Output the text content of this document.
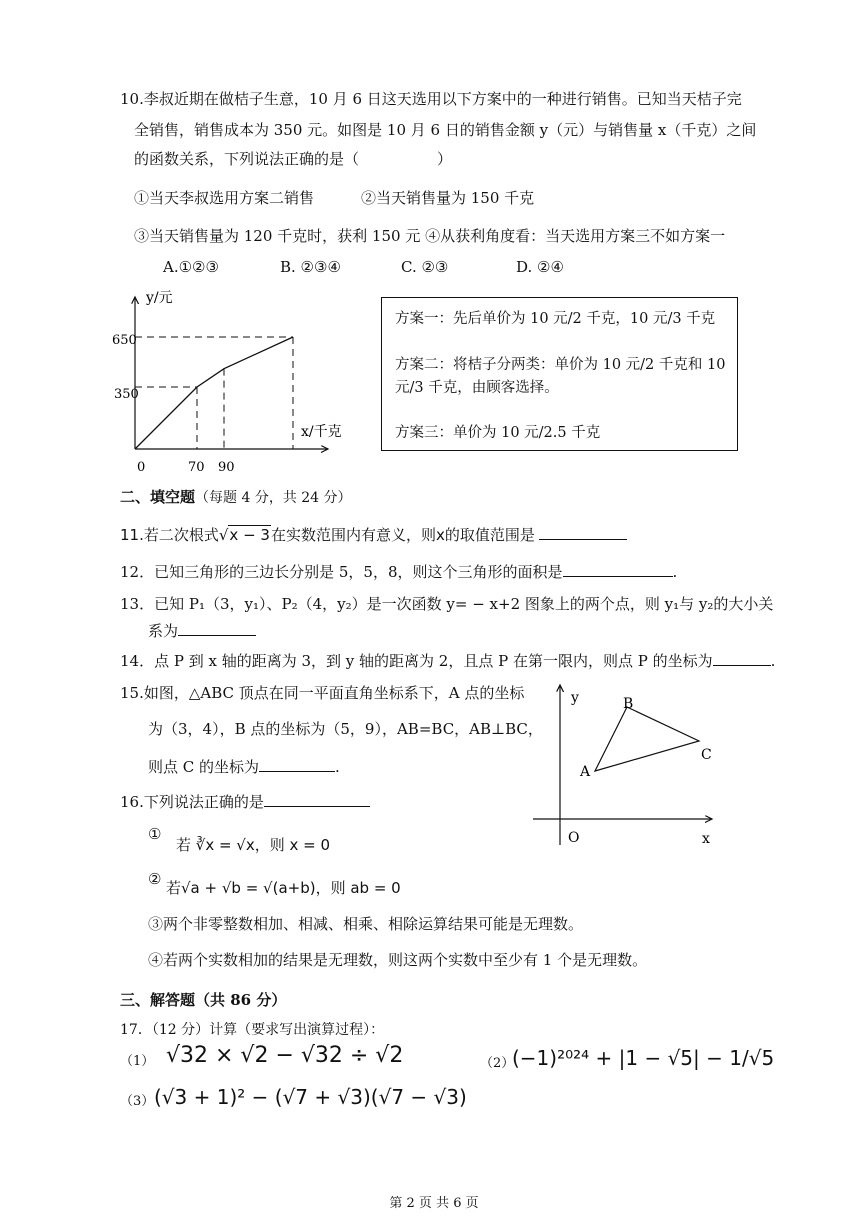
10.李叔近期在做桔子生意，10 月 6 日这天选用以下方案中的一种进行销售。已知当天桔子完
全销售，销售成本为 350 元。如图是 10 月 6 日的销售金额 y（元）与销售量 x（千克）之间
的函数关系，下列说法正确的是（	）
①当天李叔选用方案二销售	②当天销售量为 150 千克
③当天销售量为 120 千克时，获利 150 元 ④从获利角度看：当天选用方案三不如方案一
A.①②③	B. ②③④	C. ②③	D. ②④
y/元
x/千克
0
350
650
70 90
方案一：先后单价为 10 元/2 千克，10 元/3 千克
方案二：将桔子分两类：单价为 10 元/2 千克和 10
元/3 千克，由顾客选择。
方案三：单价为 10 元/2.5 千克
二、填空题（每题 4 分，共 24 分）
11.若二次根式√x − 3在实数范围内有意义，则x的取值范围是
12．已知三角形的三边长分别是 5，5，8，则这个三角形的面积是	.
13．已知 P₁（3，y₁）、P₂（4，y₂）是一次函数 y= − x+2 图象上的两个点，则 y₁与 y₂的大小关
系为
14．点 P 到 x 轴的距离为 3，到 y 轴的距离为 2，且点 P 在第一限内，则点 P 的坐标为	.
15.如图，△ABC 顶点在同一平面直角坐标系下，A 点的坐标
为（3，4），B 点的坐标为（5，9），AB=BC，AB⊥BC，
则点 C 的坐标为	.
y
x
O
A
B
C
16.下列说法正确的是
①
若 ∛x = √x，则 x = 0
② 若√a + √b = √(a+b)，则 ab = 0
③两个非零整数相加、相减、相乘、相除运算结果可能是无理数。
④若两个实数相加的结果是无理数，则这两个实数中至少有 1 个是无理数。
三、解答题（共 86 分）
17．（12 分）计算（要求写出演算过程）：
（1） √32 × √2 − √32 ÷ √2	（2）
(−1)²⁰²⁴ + |1 − √5| − 1/√5
（3） (√3 + 1)² − (√7 + √3)(√7 − √3)
第 2 页 共 6 页
